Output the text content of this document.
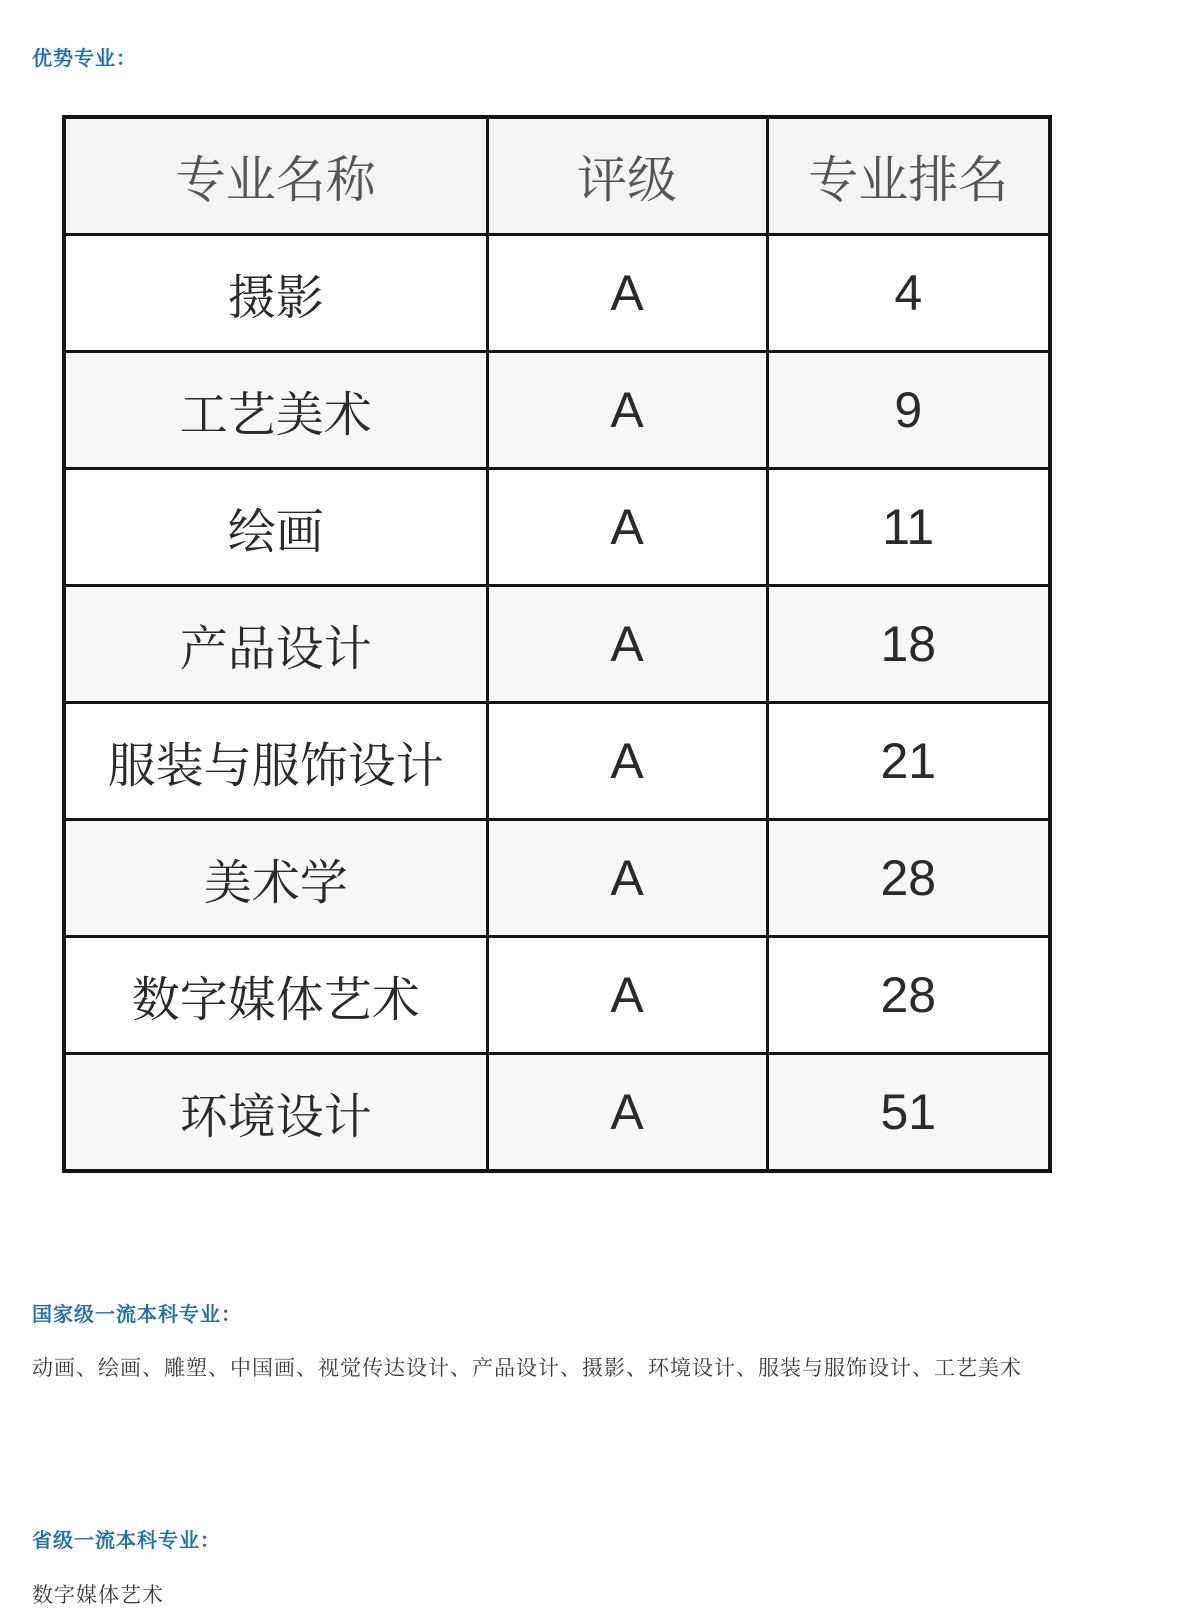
优势专业：
专业名称	评级	专业排名
摄影	A	4
工艺美术	A	9
绘画	A	11
产品设计	A	18
服装与服饰设计	A	21
美术学	A	28
数字媒体艺术	A	28
环境设计	A	51
国家级一流本科专业：
动画、绘画、雕塑、中国画、视觉传达设计、产品设计、摄影、环境设计、服装与服饰设计、工艺美术
省级一流本科专业：
数字媒体艺术
